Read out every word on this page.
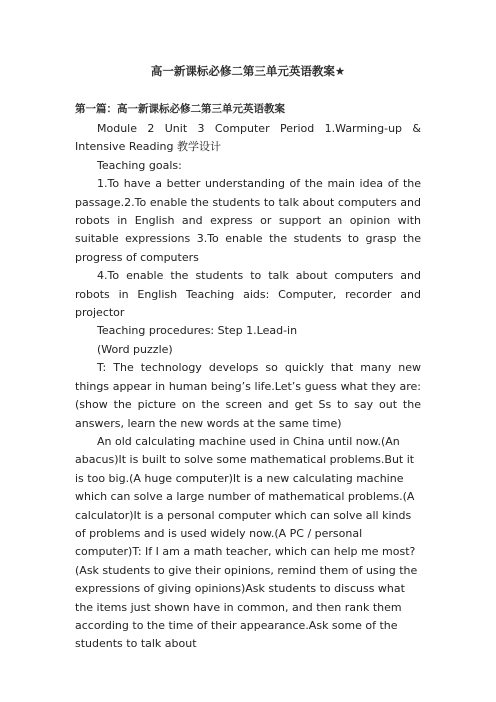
高一新课标必修二第三单元英语教案★
第一篇：高一新课标必修二第三单元英语教案

Module 2 Unit 3 Computer Period 1.Warming-up & Intensive Reading 教学设计

Teaching goals:

1.To have a better understanding of the main idea of the passage.2.To enable the students to talk about computers and robots in English and express or support an opinion with suitable expressions 3.To enable the students to grasp the progress of computers

4.To enable the students to talk about computers and robots in English Teaching aids: Computer, recorder and projector

Teaching procedures: Step 1.Lead-in

(Word puzzle)

T: The technology develops so quickly that many new things appear in human being’s life.Let’s guess what they are:(show the picture on the screen and get Ss to say out the answers, learn the new words at the same time)

An old calculating machine used in China until now.(An abacus)It is built to solve some mathematical problems.But it is too big.(A huge computer)It is a new calculating machine which can solve a large number of mathematical problems.(A calculator)It is a personal computer which can solve all kinds of problems and is used widely now.(A PC / personal computer)T: If I am a math teacher, which can help me most?(Ask students to give their opinions, remind them of using the expressions of giving opinions)Ask students to discuss what the items just shown have in common, and then rank them according to the time of their appearance.Ask some of the students to talk about
